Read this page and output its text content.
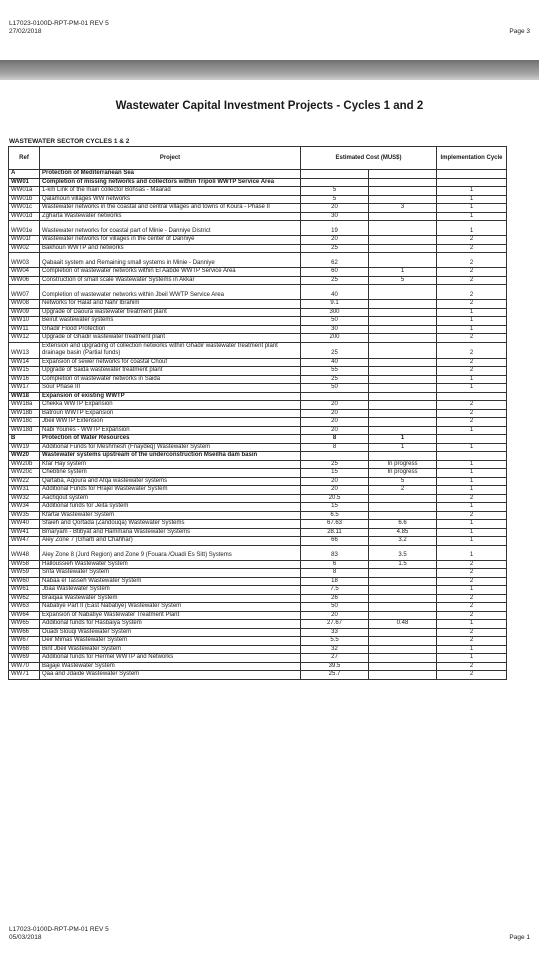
L17023-0100D-RPT-PM-01 REV 5
27/02/2018	Page 3
Wastewater Capital Investment Projects - Cycles 1 and 2
WASTEWATER SECTOR CYCLES 1 & 2
Ref	Project	Estimated Cost (MUS$)		Implementation Cycle
A	Protection of Mediterranean Sea			
WW01	Completion of missing networks and collectors within Tripoli WWTP Service Area			
WW01a	1-km Link of the main collector Bohsas - Maarad	5		1
WW01b	Qalamoun villages WW networks	5		1
WW01c	Wastewater networks in the coastal and central villages and towns of Koura - Phase II	20	3	1
WW01d	Zgharta Wastewater networks	30		1
WW01e	Wastewater networks for coastal part of Minie - Danniye District	19		1
WW01f	Wastewater networks for villages in the center of Danniye	20		2
WW02	Bakhoun WWTP and networks	25		2
WW03	Qabaait system and Remaining small systems in Minie - Danniye	62		2
WW04	Completion of wastewater networks within El Aabde WWTP Service Area	60	1	2
WW06	Construction of small scale Wastewater Systems in Akkar	25	5	2
WW07	Completion of wastewater networks within Jbeil WWTP Service Area	40		2
WW08	Networks for Halat and Nahr Ibrahim	9.1		2
WW09	Upgrade of Daoura wastewater treatment plant	300		1
WW10	Beirut wastewater systems	50		1
WW11	Ghadir Flood Protection	30		1
WW12	Upgrade of Ghadir wastewater treatment plant	200		2
WW13	Extension and upgrading of collection networks within Ghadir wastewater treatment plant drainage basin (Partial funds)	25		2
WW14	Expansion of sewer networks for coastal Chouf	40		2
WW15	Upgrade of Saida wastewater treatment plant	55		2
WW16	Completion of wastewater networks in Saida	25		1
WW17	Sour Phase III	50		1
WW18	Expansion of existing WWTP			
WW18a	Chekka WWTP Expansion	20		2
WW18b	Batroun WWTP Expansion	20		2
WW18c	Jbeil WWTP Extension	20		2
WW18d	Nabi Younes - WWTP Expansion	20		1
B	Protection of Water Resources	8	1	
WW19	Additional Funds for Meshmesh (Fnaydeq) Wastewater System	8	1	1
WW20	Wastewater systems upstream of the underconstruction Mseilha dam basin			
WW20b	Kfar Hay system	25	In progress	1
WW20c	Chebtine system	15	In progress	1
WW22	Qartaba, Aqoura and Afqa wastewater systems	20	5	1
WW31	Additional Funds for Hrajel Wastewater System	20	2	1
WW32	Aachqout system	20.5		2
WW34	Additional funds for Jeita system	15		1
WW35	Kfartai Wastewater System	6.5		2
WW40	Sfaieh and Qortada (Zandouqa) Wastewater Systems	67.63	6.6	1
WW41	Bmaryam - Btibyat and Hammana Wastewater Systems	28.11	4.85	1
WW47	Aley Zone 7 (Gharb and Chahhar)	66	3.2	1
WW48	Aley Zone 8 (Jurd Region) and Zone 9 (Fouara /Ouadi Es Sitt) Systems	83	3.5	1
WW58	Halloussieh Wastewater System	6	1.5	2
WW59	Srifa Wastewater System	8		2
WW60	Nabaa el Tasseh Wastewater System	18		2
WW61	Jbaa Wastewater System	7.5		1
WW62	Braiqaa Wastewater System	26		2
WW63	Nabatiye Part II (East Nabatiye) Wastewater System	50		2
WW64	Expansion of Nabatiye Wastewater Treatment Plant	20		2
WW65	Additional funds for Hasbaiya System	27.67	0.48	1
WW66	Ouadi Slouqi Wastewater System	33		2
WW67	Deir Mimas Wastewater System	5.5		2
WW68	Bint Jbeil Wastewater System	32		1
WW69	Additional funds for Hermel WWTP and Networks	27		1
WW70	Bajjaje Wastewater System	39.5		2
WW71	Qaa and Jdaide Wastewater System	25.7		2
L17023-0100D-RPT-PM-01 REV 5
05/03/2018	Page 1
